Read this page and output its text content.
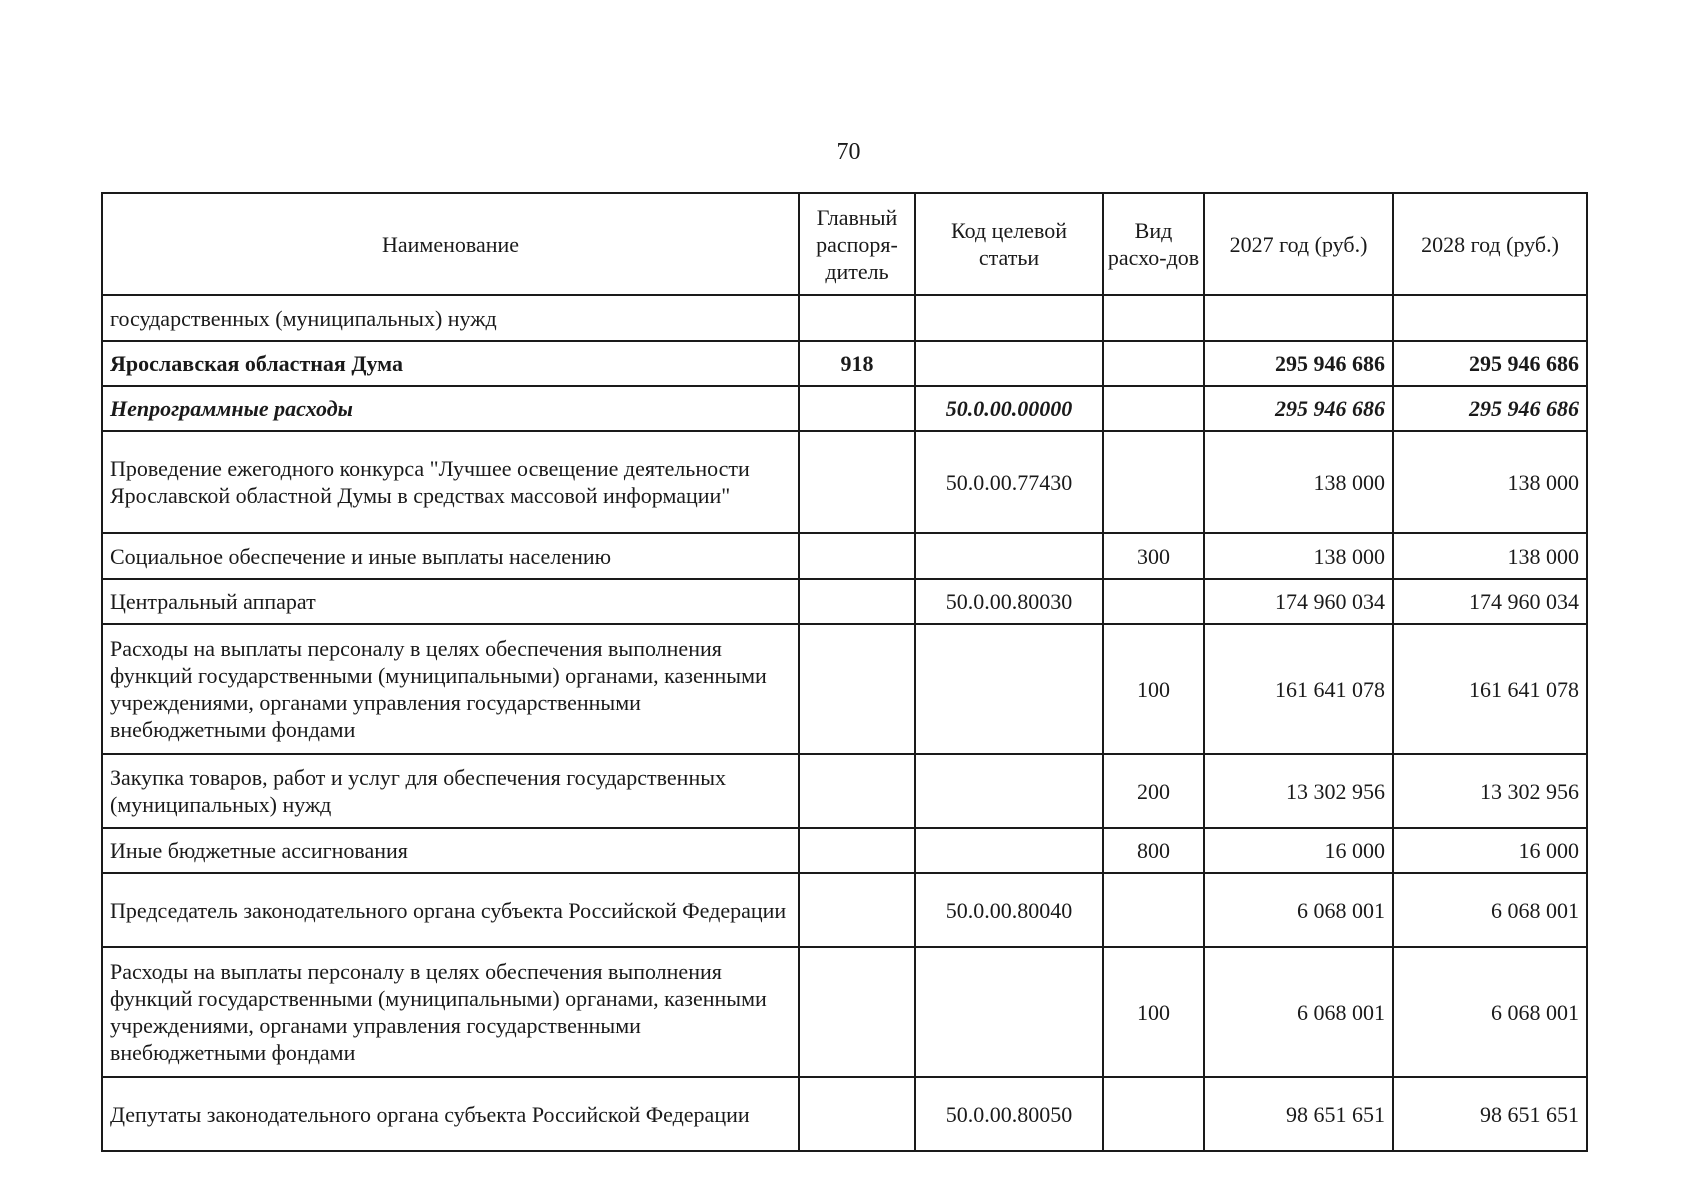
70
Наименование	Главный распоря-дитель	Код целевой статьи	Вид расхо-дов	2027 год (руб.)	2028 год (руб.)
государственных (муниципальных) нужд					
Ярославская областная Дума	918			295 946 686	295 946 686
Непрограммные расходы		50.0.00.00000		295 946 686	295 946 686
Проведение ежегодного конкурса "Лучшее освещение деятельности Ярославской областной Думы в средствах массовой информации"		50.0.00.77430		138 000	138 000
Социальное обеспечение и иные выплаты населению			300	138 000	138 000
Центральный аппарат		50.0.00.80030		174 960 034	174 960 034
Расходы на выплаты персоналу в целях обеспечения выполнения функций государственными (муниципальными) органами, казенными учреждениями, органами управления государственными внебюджетными фондами			100	161 641 078	161 641 078
Закупка товаров, работ и услуг для обеспечения государственных (муниципальных) нужд			200	13 302 956	13 302 956
Иные бюджетные ассигнования			800	16 000	16 000
Председатель законодательного органа субъекта Российской Федерации		50.0.00.80040		6 068 001	6 068 001
Расходы на выплаты персоналу в целях обеспечения выполнения функций государственными (муниципальными) органами, казенными учреждениями, органами управления государственными внебюджетными фондами			100	6 068 001	6 068 001
Депутаты законодательного органа субъекта Российской Федерации		50.0.00.80050		98 651 651	98 651 651
